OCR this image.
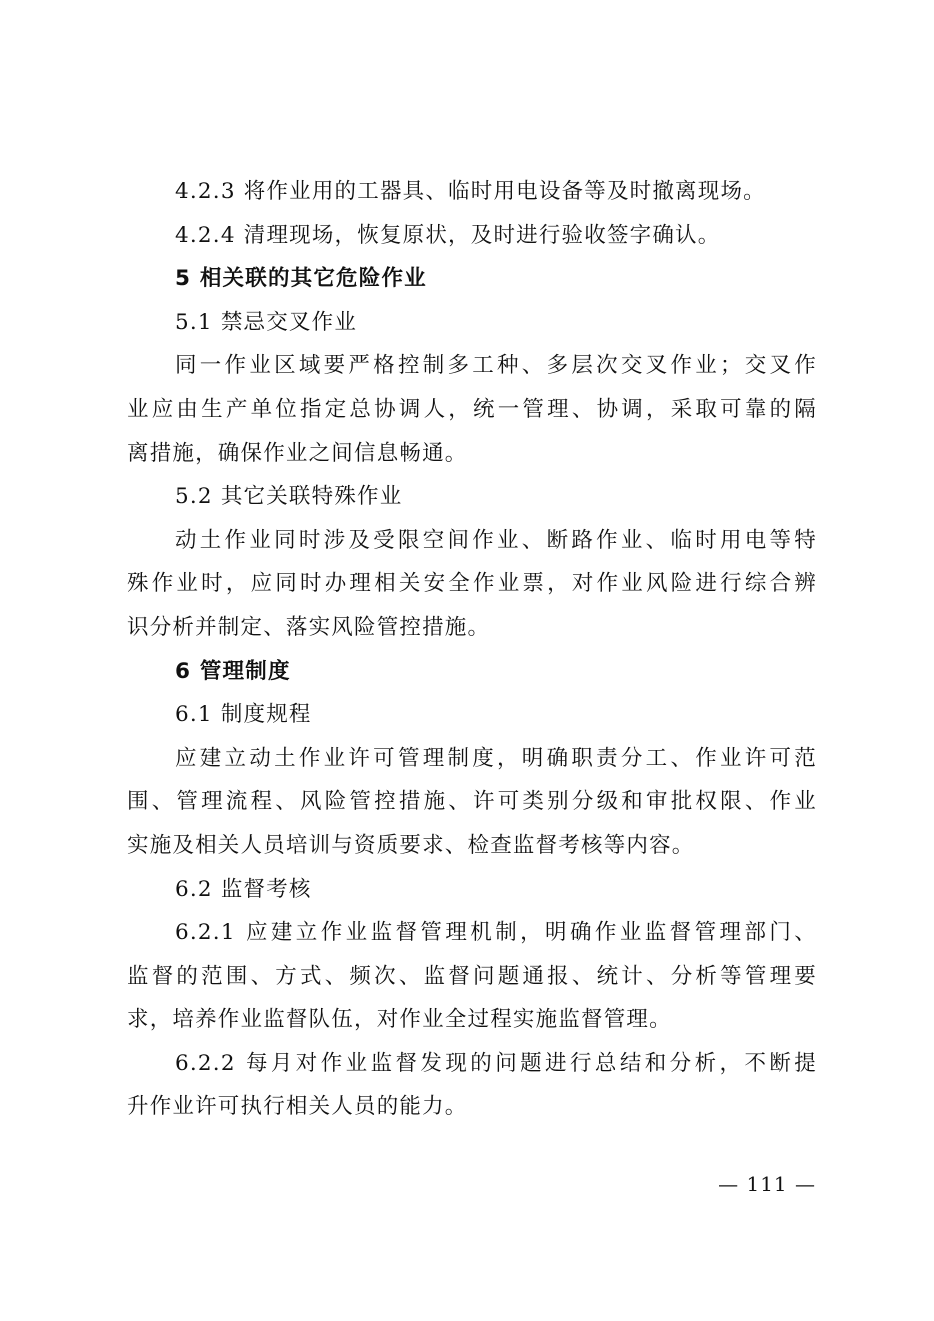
4.2.3 将作业用的工器具、临时用电设备等及时撤离现场。
4.2.4 清理现场，恢复原状，及时进行验收签字确认。
5 相关联的其它危险作业
5.1 禁忌交叉作业
同一作业区域要严格控制多工种、多层次交叉作业；交叉作
业应由生产单位指定总协调人，统一管理、协调，采取可靠的隔
离措施，确保作业之间信息畅通。
5.2 其它关联特殊作业
动土作业同时涉及受限空间作业、断路作业、临时用电等特
殊作业时，应同时办理相关安全作业票，对作业风险进行综合辨
识分析并制定、落实风险管控措施。
6 管理制度
6.1 制度规程
应建立动土作业许可管理制度，明确职责分工、作业许可范
围、管理流程、风险管控措施、许可类别分级和审批权限、作业
实施及相关人员培训与资质要求、检查监督考核等内容。
6.2 监督考核
6.2.1 应建立作业监督管理机制，明确作业监督管理部门、
监督的范围、方式、频次、监督问题通报、统计、分析等管理要
求，培养作业监督队伍，对作业全过程实施监督管理。
6.2.2 每月对作业监督发现的问题进行总结和分析，不断提
升作业许可执行相关人员的能力。
— 111 —
